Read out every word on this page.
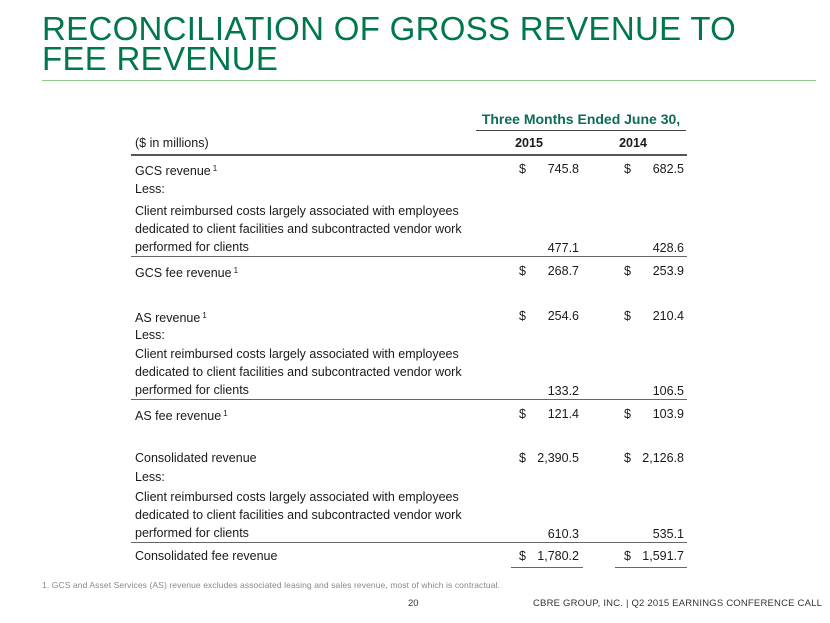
RECONCILIATION OF GROSS REVENUE TO FEE REVENUE
Three Months Ended June 30,
($ in millions)	2015	2014
GCS revenue $^1$	$	745.8	$	682.5
Less:
Client reimbursed costs largely associated with employees
dedicated to client facilities and subcontracted vendor work
performed for clients	477.1	428.6
GCS fee revenue $^1$	$	268.7	$	253.9
AS revenue $^1$	$	254.6	$	210.4
Less:
Client reimbursed costs largely associated with employees
dedicated to client facilities and subcontracted vendor work
performed for clients	133.2	106.5
AS fee revenue $^1$	$	121.4	$	103.9
Consolidated revenue	$ 2,390.5	$ 2,126.8
Less:
Client reimbursed costs largely associated with employees
dedicated to client facilities and subcontracted vendor work
performed for clients	610.3	535.1
Consolidated fee revenue	$ 1,780.2	$ 1,591.7
1. GCS and Asset Services (AS) revenue excludes associated leasing and sales revenue, most of which is contractual.
20	CBRE GROUP, INC. | Q2 2015 EARNINGS CONFERENCE CALL
